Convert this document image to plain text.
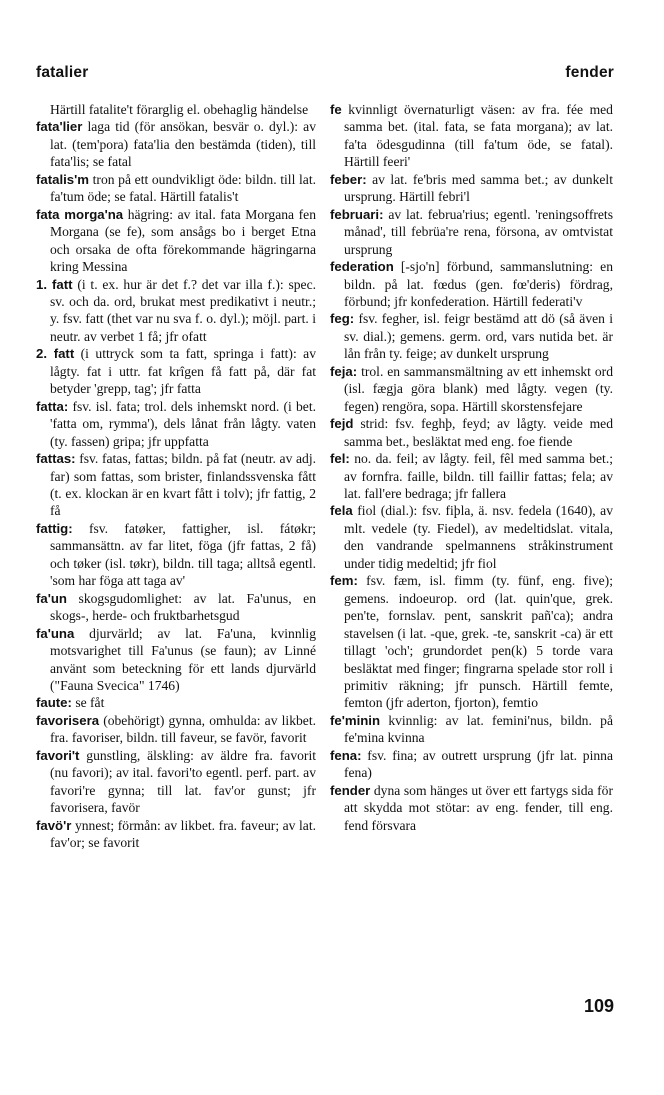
fatalier	fender

Härtill fatalite't förarglig el. obehaglig händelse

fata'lier laga tid (för ansökan, besvär o. dyl.): av lat. (tem'pora) fata'lia den bestämda (tiden), till fata'lis; se fatal

fatalis'm tron på ett oundvikligt öde: bildn. till lat. fa'tum öde; se fatal. Härtill fatalis't

fata morga'na hägring: av ital. fata Morgana fen Morgana (se fe), som ansågs bo i berget Etna och orsaka de ofta förekommande hägringarna kring Messina

1. fatt (i t. ex. hur är det f.? det var illa f.): spec. sv. och da. ord, brukat mest predikativt i neutr.; y. fsv. fatt (thet var nu sva f. o. dyl.); möjl. part. i neutr. av verbet 1 få; jfr ofatt

2. fatt (i uttryck som ta fatt, springa i fatt): av lågty. fat i uttr. fat krîgen få fatt på, där fat betyder 'grepp, tag'; jfr fatta

fatta: fsv. isl. fata; trol. dels inhemskt nord. (i bet. 'fatta om, rymma'), dels lånat från lågty. vaten (ty. fassen) gripa; jfr uppfatta

fattas: fsv. fatas, fattas; bildn. på fat (neutr. av adj. far) som fattas, som brister, finlandssvenska fått (t. ex. klockan är en kvart fått i tolv); jfr fattig, 2 få

fattig: fsv. fatøker, fattigher, isl. fátøkr; sammansättn. av far litet, föga (jfr fattas, 2 få) och tøker (isl. tøkr), bildn. till taga; alltså egentl. 'som har föga att taga av'

fa'un skogsgudomlighet: av lat. Fa'unus, en skogs-, herde- och fruktbarhetsgud

fa'una djurvärld; av lat. Fa'una, kvinnlig motsvarighet till Fa'unus (se faun); av Linné använt som beteckning för ett lands djurvärld ("Fauna Svecica" 1746)

faute: se fåt

favorisera (obehörigt) gynna, omhulda: av likbet. fra. favoriser, bildn. till faveur, se favör, favorit

favori't gunstling, älskling: av äldre fra. favorit (nu favori); av ital. favori'to egentl. perf. part. av favori're gynna; till lat. fav'or gunst; jfr favorisera, favör

favö'r ynnest; förmån: av likbet. fra. faveur; av lat. fav'or; se favorit

fe kvinnligt övernaturligt väsen: av fra. fée med samma bet. (ital. fata, se fata morgana); av lat. fa'ta ödesgudinna (till fa'tum öde, se fatal). Härtill feeri'

feber: av lat. fe'bris med samma bet.; av dunkelt ursprung. Härtill febri'l

februari: av lat. februa'rius; egentl. 'reningsoffrets månad', till febrüa're rena, försona, av omtvistat ursprung

federation [-sjo'n] förbund, sammanslutning: en bildn. på lat. fœdus (gen. fœ'deris) fördrag, förbund; jfr konfederation. Härtill federati'v

feg: fsv. fegher, isl. feigr bestämd att dö (så även i sv. dial.); gemens. germ. ord, vars nutida bet. är lån från ty. feige; av dunkelt ursprung

feja: trol. en sammansmältning av ett inhemskt ord (isl. fægja göra blank) med lågty. vegen (ty. fegen) rengöra, sopa. Härtill skorstensfejare

fejd strid: fsv. feghþ, feyd; av lågty. veide med samma bet., besläktat med eng. foe fiende

fel: no. da. feil; av lågty. feil, fêl med samma bet.; av fornfra. faille, bildn. till faillir fattas; fela; av lat. fall'ere bedraga; jfr fallera

fela fiol (dial.): fsv. fiþla, ä. nsv. fedela (1640), av mlt. vedele (ty. Fiedel), av medeltidslat. vitala, den vandrande spelmannens stråkinstrument under tidig medeltid; jfr fiol

fem: fsv. fæm, isl. fimm (ty. fünf, eng. five); gemens. indoeurop. ord (lat. quin'que, grek. pen'te, fornslav. pent, sanskrit pañ'ca); andra stavelsen (i lat. -que, grek. -te, sanskrit -ca) är ett tillagt 'och'; grundordet pen(k) 5 torde vara besläktat med finger; fingrarna spelade stor roll i primitiv räkning; jfr punsch. Härtill femte, femton (jfr aderton, fjorton), femtio

fe'minin kvinnlig: av lat. femini'nus, bildn. på fe'mina kvinna

fena: fsv. fina; av outrett ursprung (jfr lat. pinna fena)

fender dyna som hänges ut över ett fartygs sida för att skydda mot stötar: av eng. fender, till eng. fend försvara

109
